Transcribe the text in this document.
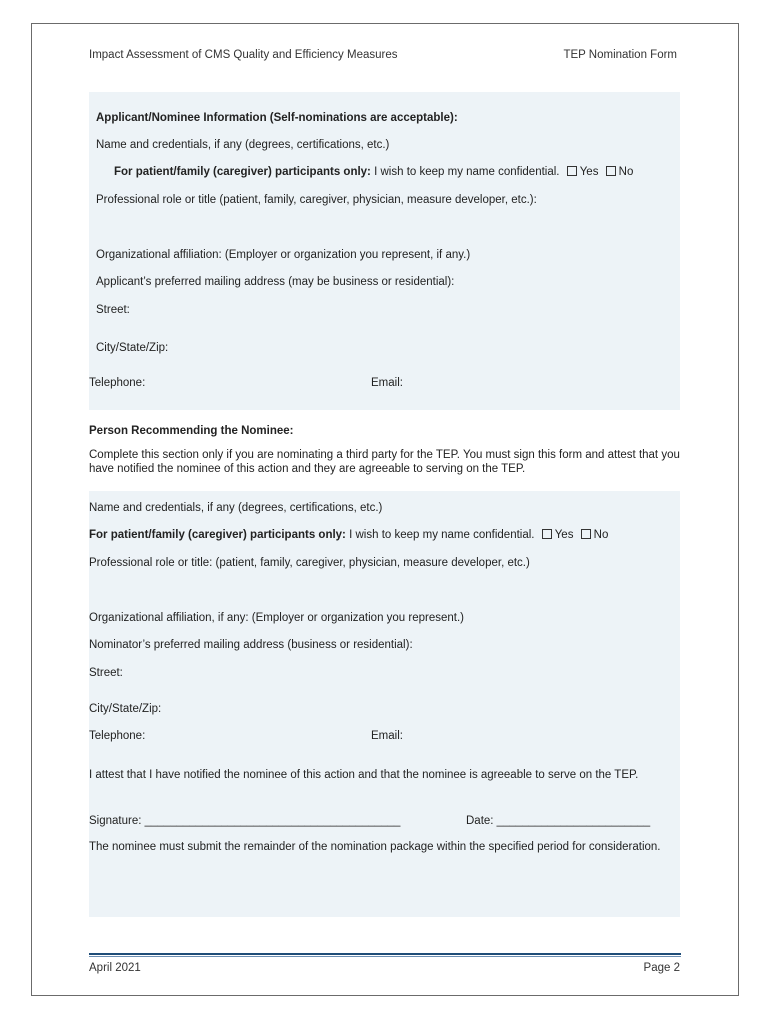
Impact Assessment of CMS Quality and Efficiency Measures	TEP Nomination Form
Applicant/Nominee Information (Self-nominations are acceptable):
Name and credentials, if any (degrees, certifications, etc.)
For patient/family (caregiver) participants only: I wish to keep my name confidential. Yes No
Professional role or title (patient, family, caregiver, physician, measure developer, etc.):
Organizational affiliation: (Employer or organization you represent, if any.)
Applicant’s preferred mailing address (may be business or residential):
Street:
City/State/Zip:
Telephone:	Email:
Person Recommending the Nominee:
Complete this section only if you are nominating a third party for the TEP. You must sign this form and attest that you have notified the nominee of this action and they are agreeable to serving on the TEP.
Name and credentials, if any (degrees, certifications, etc.)
For patient/family (caregiver) participants only: I wish to keep my name confidential. Yes No
Professional role or title: (patient, family, caregiver, physician, measure developer, etc.)
Organizational affiliation, if any: (Employer or organization you represent.)
Nominator’s preferred mailing address (business or residential):
Street:
City/State/Zip:
Telephone:	Email:
I attest that I have notified the nominee of this action and that the nominee is agreeable to serve on the TEP.
Signature: ________________________________________	Date: ________________________
The nominee must submit the remainder of the nomination package within the specified period for consideration.
April 2021	Page 2
